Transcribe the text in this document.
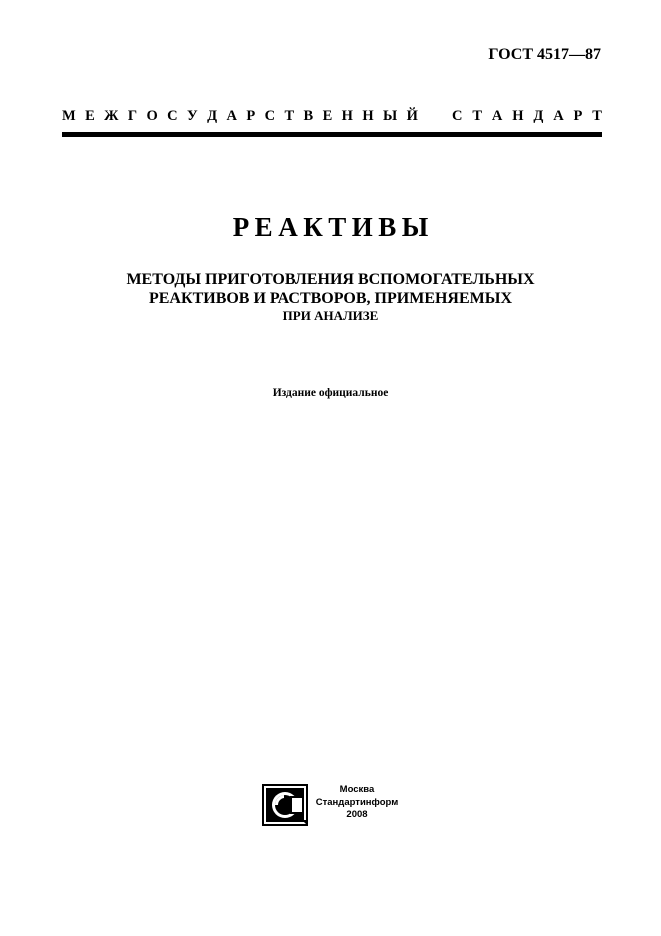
ГОСТ 4517—87

М Е Ж Г О С У Д А Р С Т В Е Н Н Ы Й С Т А Н Д А Р Т
РЕАКТИВЫ
МЕТОДЫ ПРИГОТОВЛЕНИЯ ВСПОМОГАТЕЛЬНЫХ
РЕАКТИВОВ И РАСТВОРОВ, ПРИМЕНЯЕМЫХ
ПРИ АНАЛИЗЕ

Издание официальное

Москва
Стандартинформ
2008
